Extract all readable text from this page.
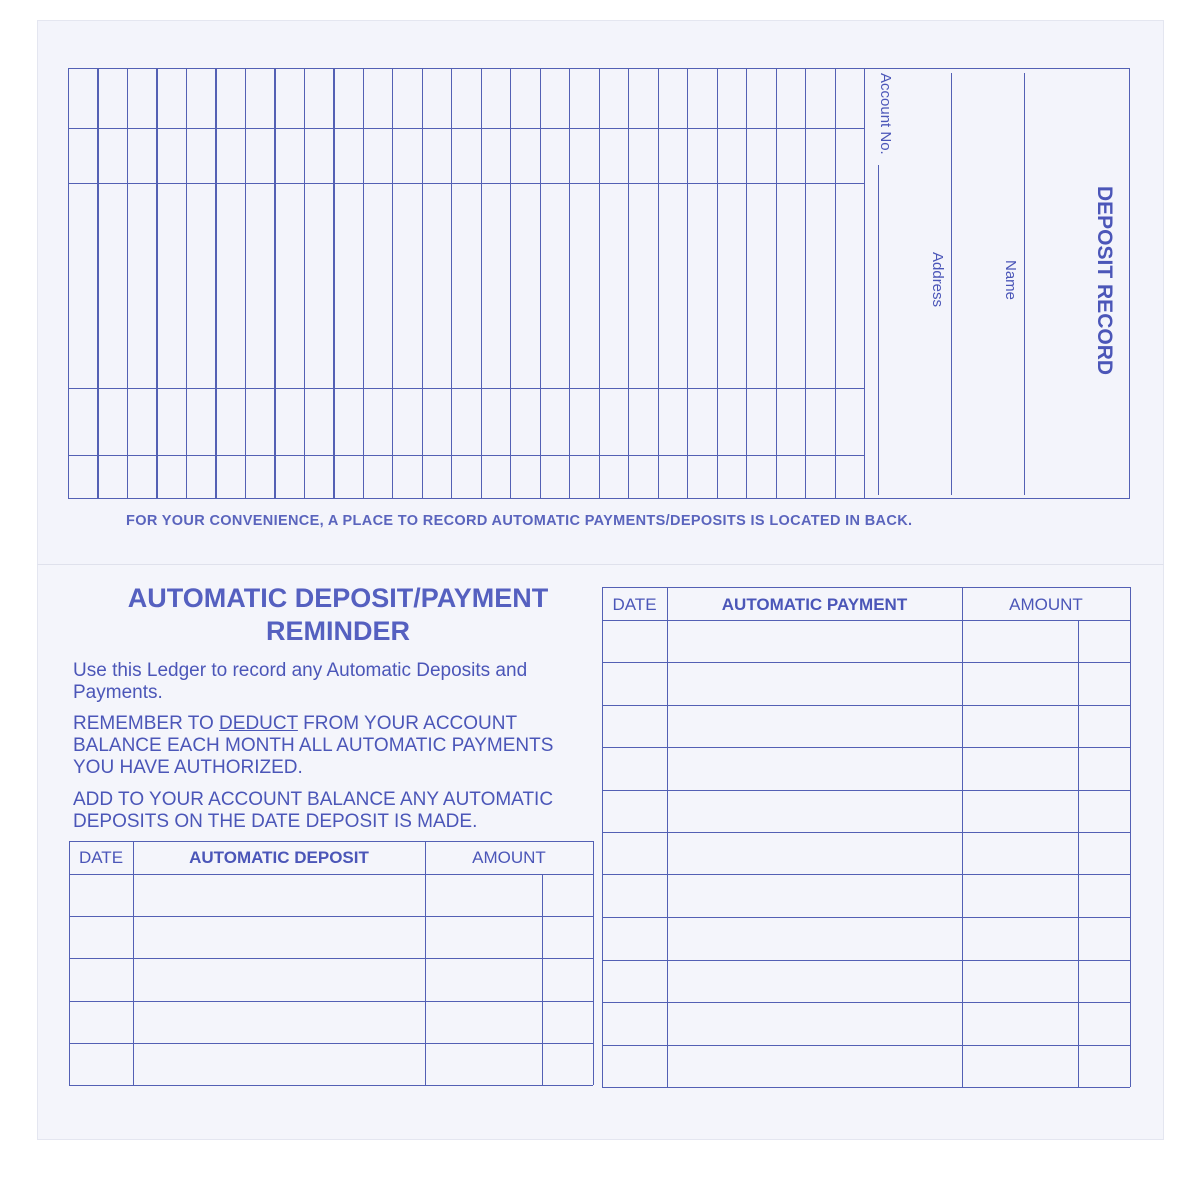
Account No.
Address	Name	DEPOSIT RECORD
FOR YOUR CONVENIENCE, A PLACE TO RECORD AUTOMATIC PAYMENTS/DEPOSITS IS LOCATED IN BACK.
AUTOMATIC DEPOSIT/PAYMENT
REMINDER
Use this Ledger to record any Automatic Deposits and
Payments.
REMEMBER TO DEDUCT FROM YOUR ACCOUNT
BALANCE EACH MONTH ALL AUTOMATIC PAYMENTS
YOU HAVE AUTHORIZED.
ADD TO YOUR ACCOUNT BALANCE ANY AUTOMATIC
DEPOSITS ON THE DATE DEPOSIT IS MADE.
DATE	AUTOMATIC DEPOSIT	AMOUNT
DATE	AUTOMATIC PAYMENT	AMOUNT
